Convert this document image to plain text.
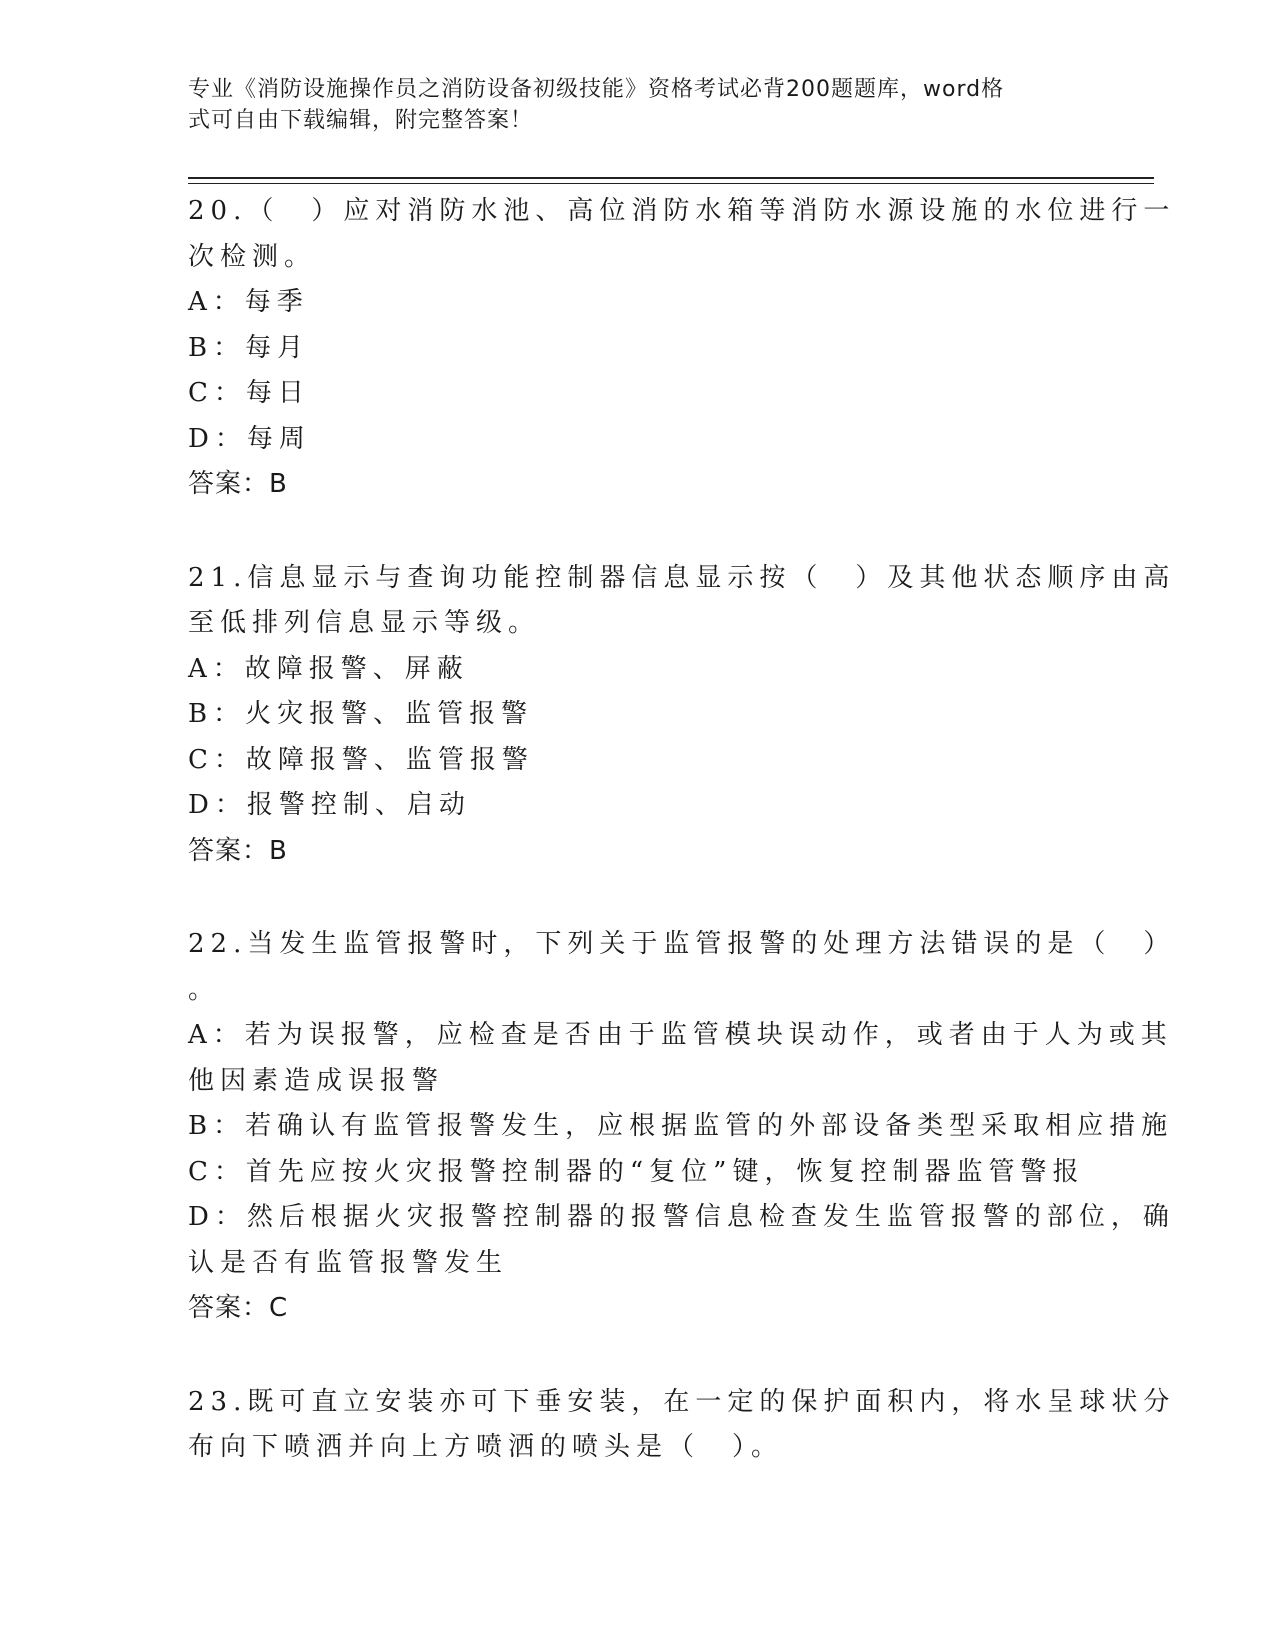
专业《消防设施操作员之消防设备初级技能》资格考试必背200题题库，word格
式可自由下载编辑，附完整答案！
20.（　）应对消防水池、高位消防水箱等消防水源设施的水位进行一
次检测。
A：每季
B：每月
C：每日
D：每周
答案：B
21.信息显示与查询功能控制器信息显示按（　）及其他状态顺序由高
至低排列信息显示等级。
A：故障报警、屏蔽
B：火灾报警、监管报警
C：故障报警、监管报警
D：报警控制、启动
答案：B
22.当发生监管报警时，下列关于监管报警的处理方法错误的是（　）
。
A：若为误报警，应检查是否由于监管模块误动作，或者由于人为或其
他因素造成误报警
B：若确认有监管报警发生，应根据监管的外部设备类型采取相应措施
C：首先应按火灾报警控制器的“复位”键，恢复控制器监管警报
D：然后根据火灾报警控制器的报警信息检查发生监管报警的部位，确
认是否有监管报警发生
答案：C
23.既可直立安装亦可下垂安装，在一定的保护面积内，将水呈球状分
布向下喷洒并向上方喷洒的喷头是（　）。
